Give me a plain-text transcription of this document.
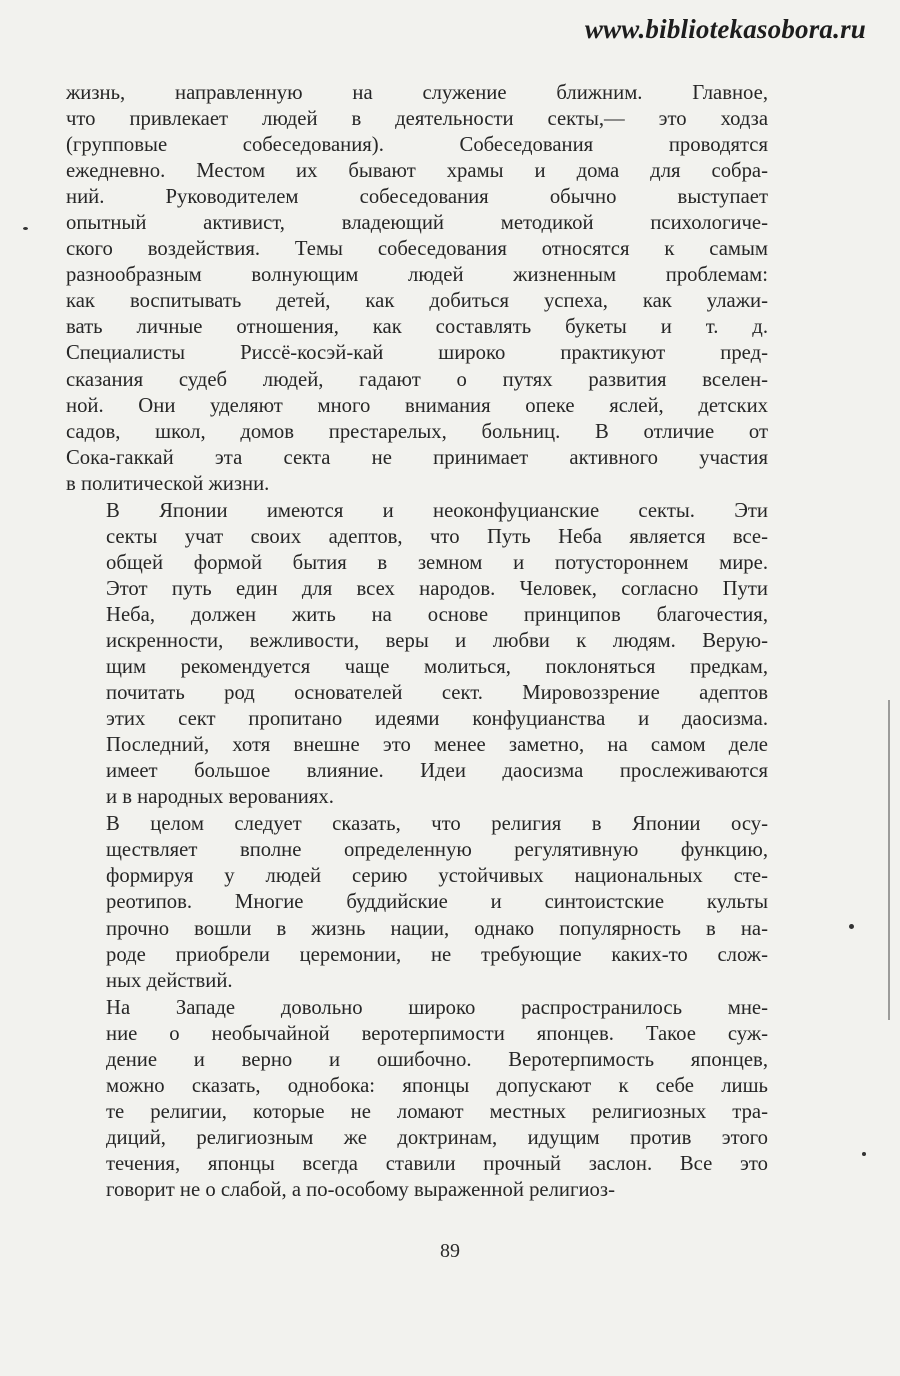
www.bibliotekasobora.ru
жизнь, направленную на служение ближним. Главное,
что привлекает людей в деятельности секты,— это ходза
(групповые собеседования). Собеседования проводятся
ежедневно. Местом их бывают храмы и дома для собра-
ний. Руководителем собеседования обычно выступает
опытный активист, владеющий методикой психологиче-
ского воздействия. Темы собеседования относятся к самым
разнообразным волнующим людей жизненным проблемам:
как воспитывать детей, как добиться успеха, как улажи-
вать личные отношения, как составлять букеты и т. д.
Специалисты Риссё-косэй-кай широко практикуют пред-
сказания судеб людей, гадают о путях развития вселен-
ной. Они уделяют много внимания опеке яслей, детских
садов, школ, домов престарелых, больниц. В отличие от
Сока-гаккай эта секта не принимает активного участия
в политической жизни.
В Японии имеются и неоконфуцианские секты. Эти
секты учат своих адептов, что Путь Неба является все-
общей формой бытия в земном и потустороннем мире.
Этот путь един для всех народов. Человек, согласно Пути
Неба, должен жить на основе принципов благочестия,
искренности, вежливости, веры и любви к людям. Верую-
щим рекомендуется чаще молиться, поклоняться предкам,
почитать род основателей сект. Мировоззрение адептов
этих сект пропитано идеями конфуцианства и даосизма.
Последний, хотя внешне это менее заметно, на самом деле
имеет большое влияние. Идеи даосизма прослеживаются
и в народных верованиях.
В целом следует сказать, что религия в Японии осу-
ществляет вполне определенную регулятивную функцию,
формируя у людей серию устойчивых национальных сте-
реотипов. Многие буддийские и синтоистские культы
прочно вошли в жизнь нации, однако популярность в на-
роде приобрели церемонии, не требующие каких-то слож-
ных действий.
На Западе довольно широко распространилось мне-
ние о необычайной веротерпимости японцев. Такое суж-
дение и верно и ошибочно. Веротерпимость японцев,
можно сказать, однобока: японцы допускают к себе лишь
те религии, которые не ломают местных религиозных тра-
диций, религиозным же доктринам, идущим против этого
течения, японцы всегда ставили прочный заслон. Все это
говорит не о слабой, а по-особому выраженной религиоз-
89
